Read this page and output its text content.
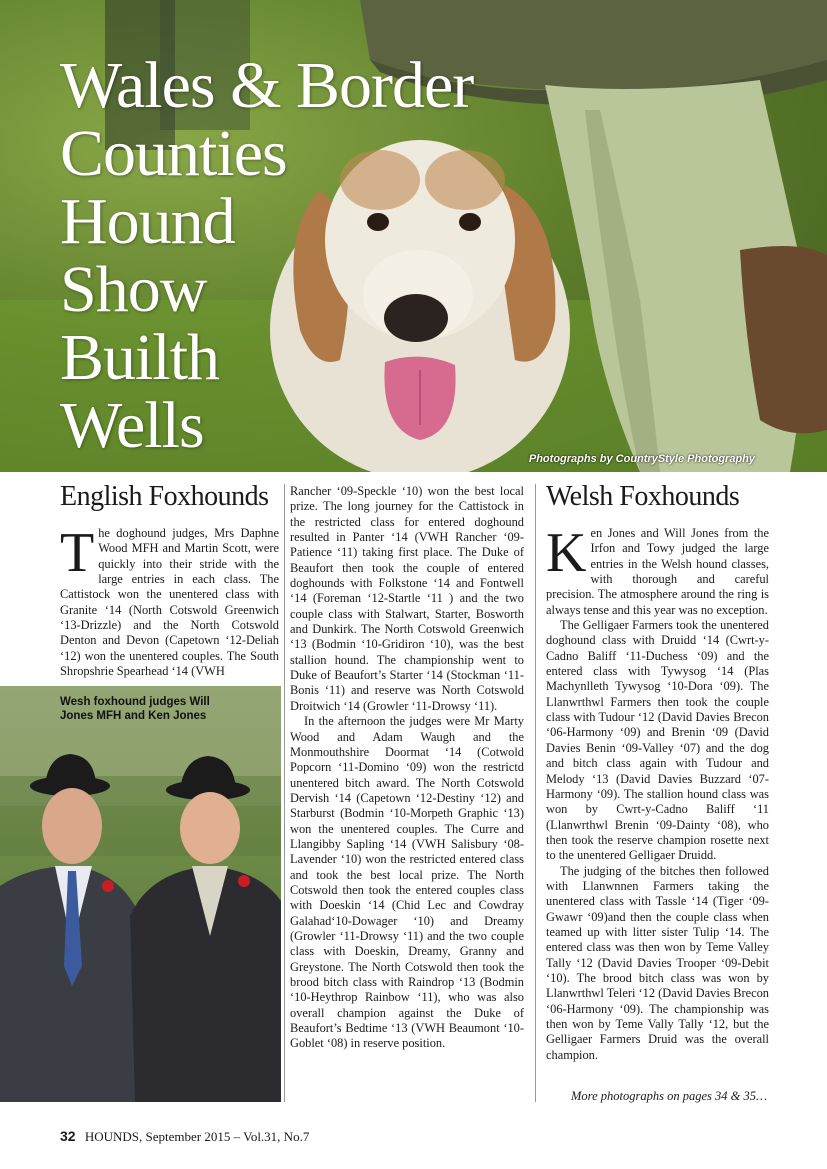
Wales & Border
Counties
Hound
Show
Builth
Wells	Photographs by CountryStyle Photography
English Foxhounds

The doghound judges, Mrs Daphne Wood MFH and Martin Scott, were quickly into their stride with the large entries in each class. The Cattistock won the unentered class with Granite ‘14 (North Cotswold Greenwich ‘13-Drizzle) and the North Cotswold Denton and Devon (Capetown ‘12-Deliah ‘12) won the unentered couples. The South Shropshrie Spearhead ‘14 (VWH

Wesh foxhound judges Will Jones MFH and Ken Jones

Rancher ‘09-Speckle ‘10) won the best local prize. The long journey for the Cattistock in the restricted class for entered doghound resulted in Panter ‘14 (VWH Rancher ‘09-Patience ‘11) taking first place. The Duke of Beaufort then took the couple of entered doghounds with Folkstone ‘14 and Fontwell ‘14 (Foreman ‘12-Startle ‘11 ) and the two couple class with Stalwart, Starter, Bosworth and Dunkirk. The North Cotswold Greenwich ‘13 (Bodmin ‘10-Gridiron ‘10), was the best stallion hound. The championship went to Duke of Beaufort’s Starter ‘14 (Stockman ‘11-Bonis ‘11) and reserve was North Cotswold Droitwich ‘14 (Growler ‘11-Drowsy ‘11).

In the afternoon the judges were Mr Marty Wood and Adam Waugh and the Monmouthshire Doormat ‘14 (Cotwold Popcorn ‘11-Domino ‘09) won the restrictd unentered bitch award. The North Cotswold Dervish ‘14 (Capetown ‘12-Destiny ‘12) and Starburst (Bodmin ‘10-Morpeth Graphic ‘13) won the unentered couples. The Curre and Llangibby Sapling ‘14 (VWH Salisbury ‘08-Lavender ‘10) won the restricted entered class and took the best local prize. The North Cotswold then took the entered couples class with Doeskin ‘14 (Chid Lec and Cowdray Galahad‘10-Dowager ‘10) and Dreamy (Growler ‘11-Drowsy ‘11) and the two couple class with Doeskin, Dreamy, Granny and Greystone. The North Cotswold then took the brood bitch class with Raindrop ‘13 (Bodmin ‘10-Heythrop Rainbow ‘11), who was also overall champion against the Duke of Beaufort’s Bedtime ‘13 (VWH Beaumont ‘10-Goblet ‘08) in reserve position.

Welsh Foxhounds

Ken Jones and Will Jones from the Irfon and Towy judged the large entries in the Welsh hound classes, with thorough and careful precision. The atmosphere around the ring is always tense and this year was no exception.

The Gelligaer Farmers took the unentered doghound class with Druidd ‘14 (Cwrt-y-Cadno Baliff ‘11-Duchess ‘09) and the entered class with Tywysog ‘14 (Plas Machynlleth Tywysog ‘10-Dora ‘09). The Llanwrthwl Farmers then took the couple class with Tudour ‘12 (David Davies Brecon ‘06-Harmony ‘09) and Brenin ‘09 (David Davies Benin ‘09-Valley ‘07) and the dog and bitch class again with Tudour and Melody ‘13 (David Davies Buzzard ‘07-Harmony ‘09). The stallion hound class was won by Cwrt-y-Cadno Baliff ‘11 (Llanwrthwl Brenin ‘09-Dainty ‘08), who then took the reserve champion rosette next to the unentered Gelligaer Druidd.

The judging of the bitches then followed with Llanwnnen Farmers taking the unentered class with Tassle ‘14 (Tiger ‘09-Gwawr ‘09)and then the couple class when teamed up with litter sister Tulip ‘14. The entered class was then won by Teme Valley Tally ‘12 (David Davies Trooper ‘09-Debit ‘10). The brood bitch class was won by Llanwrthwl Teleri ‘12 (David Davies Brecon ‘06-Harmony ‘09). The championship was then won by Teme Vally Tally ‘12, but the Gelligaer Farmers Druid was the overall champion.

More photographs on pages 34 & 35…
32 HOUNDS, September 2015 – Vol.31, No.7
